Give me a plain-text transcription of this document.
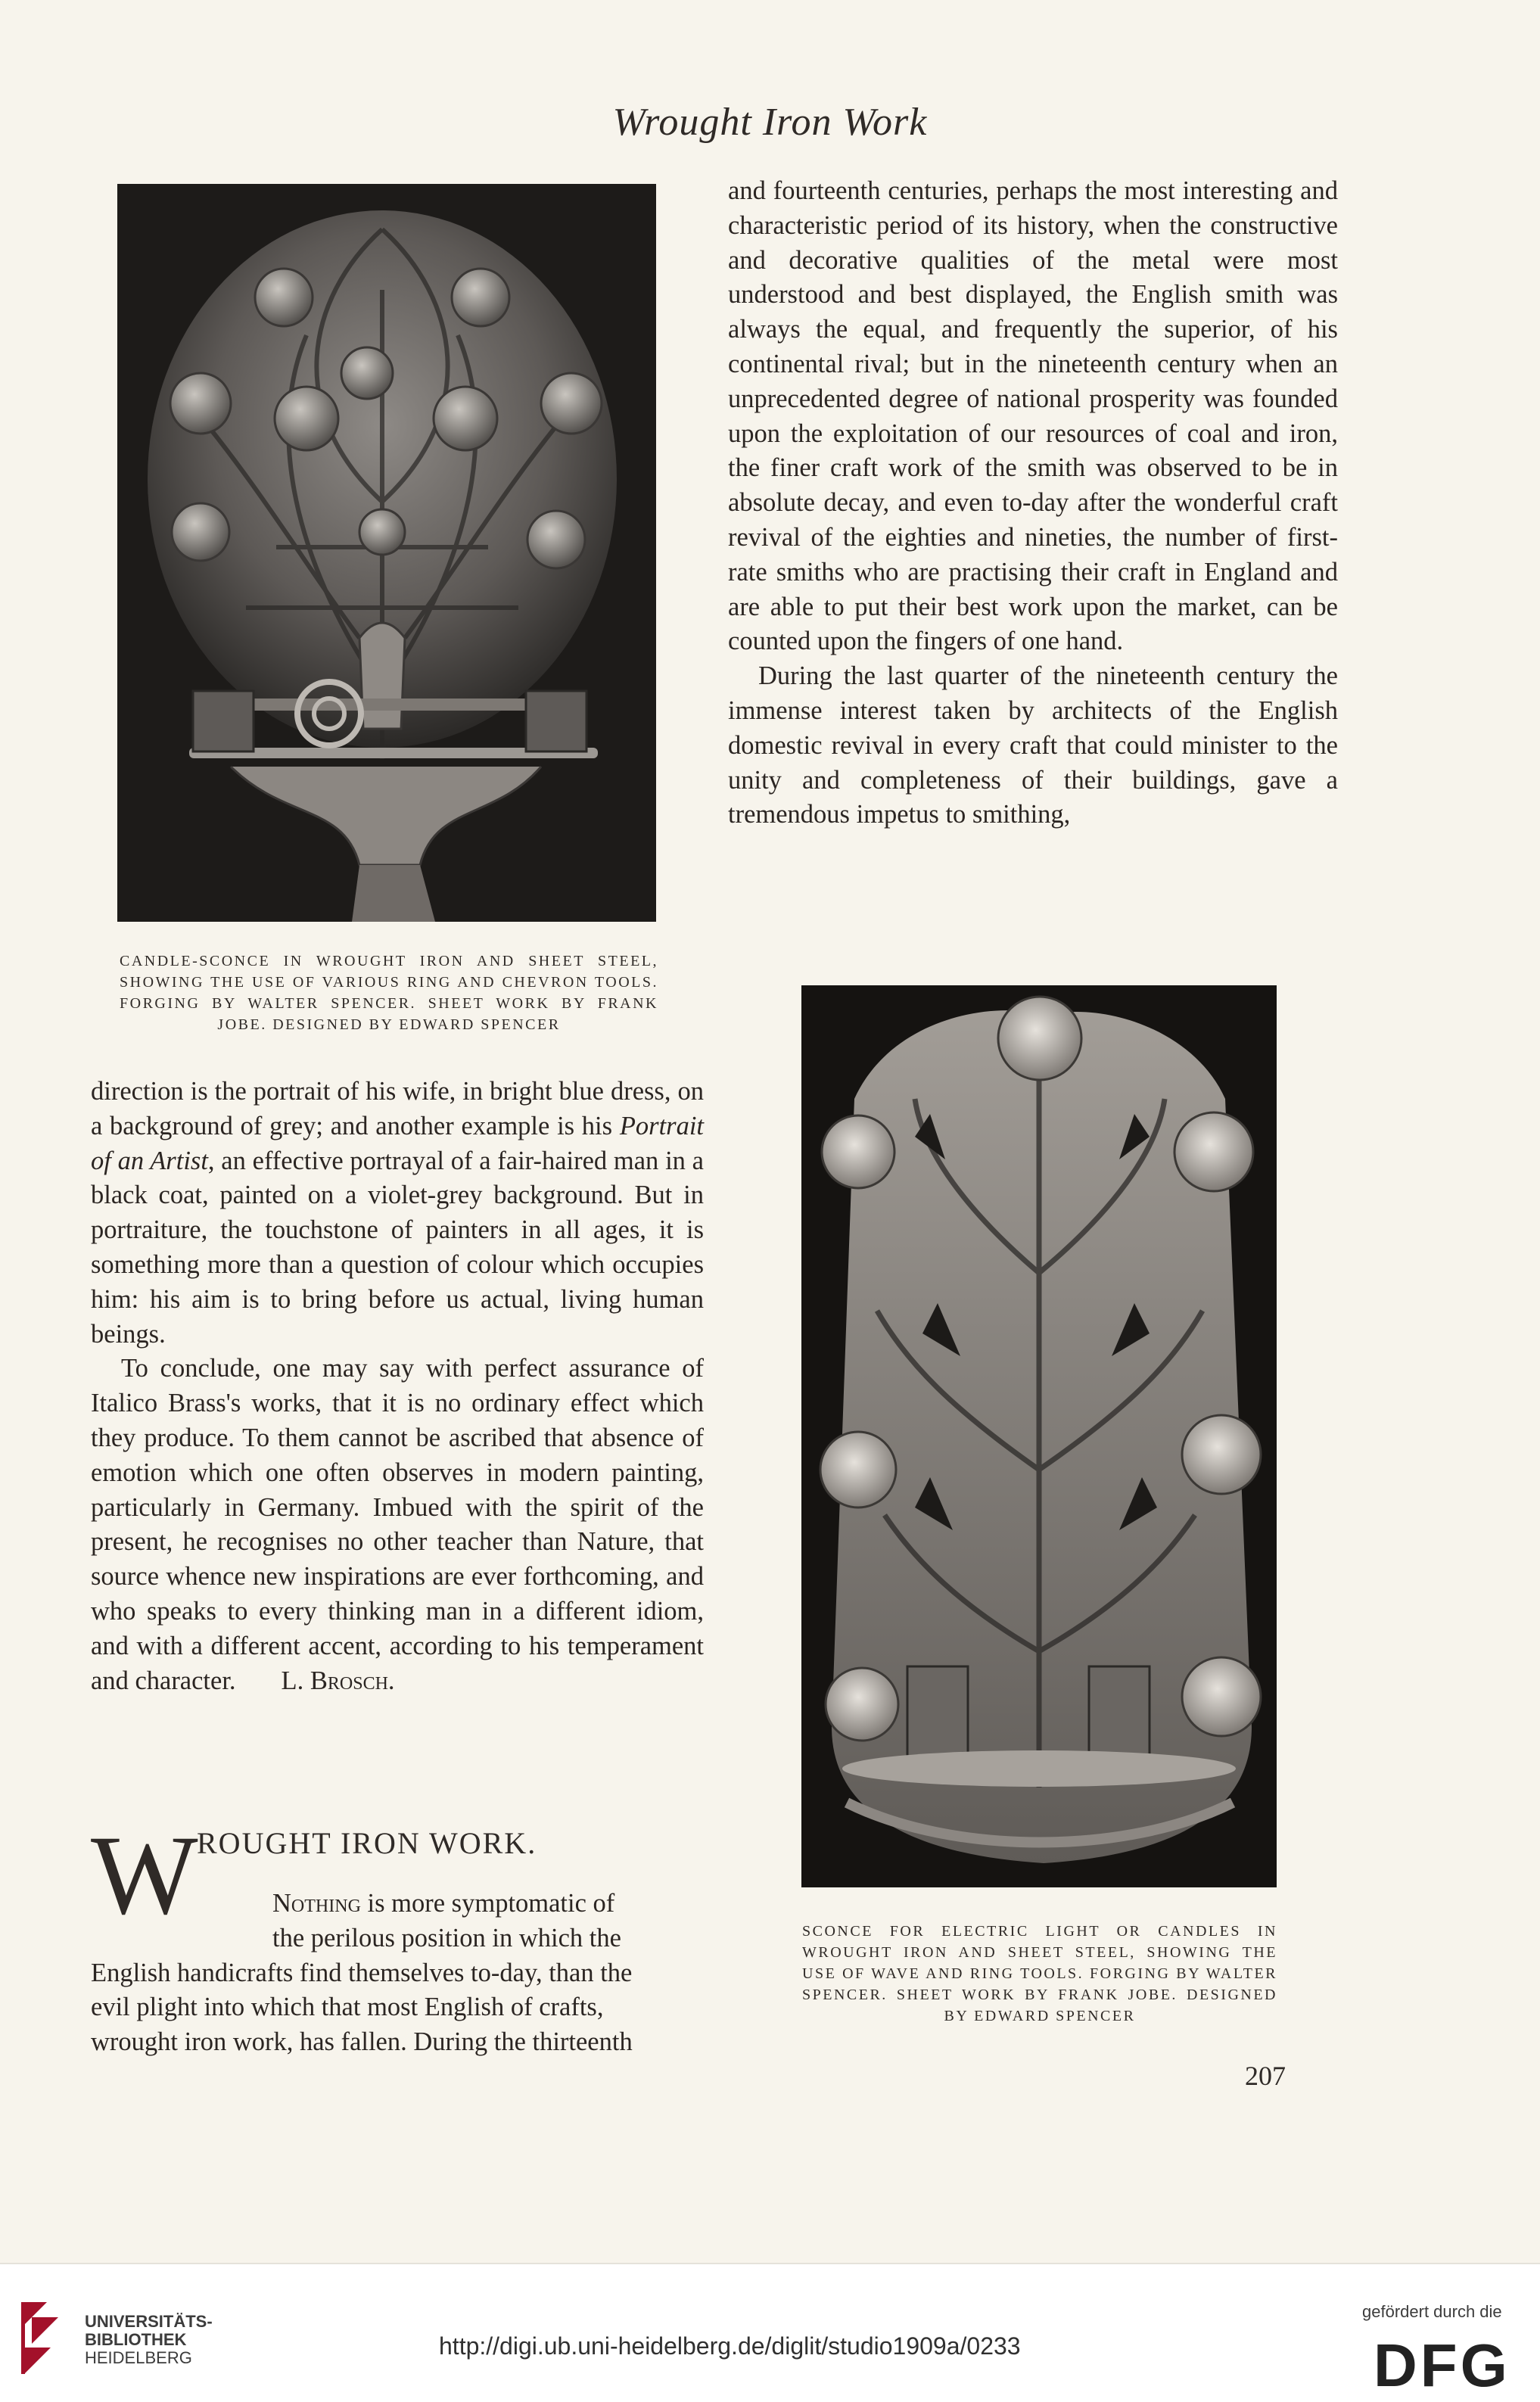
Wrought Iron Work
CANDLE-SCONCE IN WROUGHT IRON AND SHEET STEEL, SHOWING THE USE OF VARIOUS RING AND CHEVRON TOOLS. FORGING BY WALTER SPENCER. SHEET WORK BY FRANK JOBE. DESIGNED BY EDWARD SPENCER

and fourteenth centuries, perhaps the most interesting and characteristic period of its history, when the constructive and decorative qualities of the metal were most understood and best displayed, the English smith was always the equal, and frequently the superior, of his continental rival; but in the nineteenth century when an unprecedented degree of national prosperity was founded upon the exploitation of our resources of coal and iron, the finer craft work of the smith was observed to be in absolute decay, and even to-day after the wonderful craft revival of the eighties and nineties, the number of first-rate smiths who are practising their craft in England and are able to put their best work upon the market, can be counted upon the fingers of one hand.

During the last quarter of the nineteenth century the immense interest taken by architects of the English domestic revival in every craft that could minister to the unity and completeness of their buildings, gave a tremendous impetus to smithing,

SCONCE FOR ELECTRIC LIGHT OR CANDLES IN WROUGHT IRON AND SHEET STEEL, SHOWING THE USE OF WAVE AND RING TOOLS. FORGING BY WALTER SPENCER. SHEET WORK BY FRANK JOBE. DESIGNED BY EDWARD SPENCER

direction is the portrait of his wife, in bright blue dress, on a background of grey; and another example is his Portrait of an Artist, an effective portrayal of a fair-haired man in a black coat, painted on a violet-grey background. But in portraiture, the touchstone of painters in all ages, it is something more than a question of colour which occupies him: his aim is to bring before us actual, living human beings.

To conclude, one may say with perfect assurance of Italico Brass's works, that it is no ordinary effect which they produce. To them cannot be ascribed that absence of emotion which one often observes in modern painting, particularly in Germany. Imbued with the spirit of the present, he recognises no other teacher than Nature, that source whence new inspirations are ever forthcoming, and who speaks to every thinking man in a different idiom, and with a different accent, according to his temperament and character. L. Brosch.

W
ROUGHT IRON WORK.
Nothing is more symptomatic of
the perilous position in which the
English handicrafts find themselves to-day, than the
evil plight into which that most English of crafts,
wrought iron work, has fallen. During the thirteenth
207
UNIVERSITÄTS-
BIBLIOTHEK
HEIDELBERG	http://digi.ub.uni-heidelberg.de/diglit/studio1909a/0233
gefördert durch die
DFG
